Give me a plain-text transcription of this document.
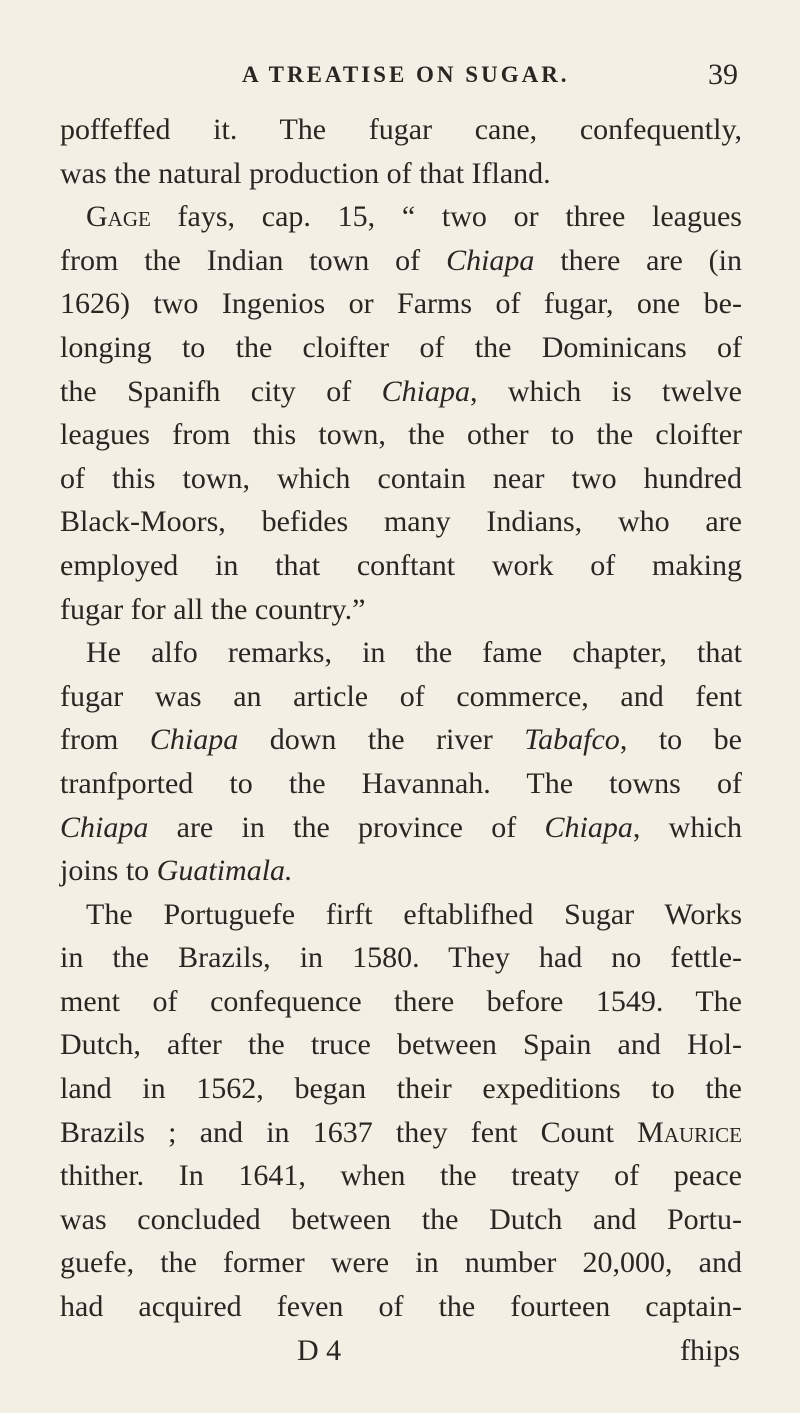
A TREATISE ON SUGAR.	39
poffeffed it. The fugar cane, confequently,
was the natural production of that Ifland.
Gage fays, cap. 15, “ two or three leagues
from the Indian town of Chiapa there are (in
1626) two Ingenios or Farms of fugar, one be-
longing to the cloifter of the Dominicans of
the Spanifh city of Chiapa, which is twelve
leagues from this town, the other to the cloifter
of this town, which contain near two hundred
Black-Moors, befides many Indians, who are
employed in that conftant work of making
fugar for all the country.”
He alfo remarks, in the fame chapter, that
fugar was an article of commerce, and fent
from Chiapa down the river Tabafco, to be
tranfported to the Havannah. The towns of
Chiapa are in the province of Chiapa, which
joins to Guatimala.
The Portuguefe firft eftablifhed Sugar Works
in the Brazils, in 1580. They had no fettle-
ment of confequence there before 1549. The
Dutch, after the truce between Spain and Hol-
land in 1562, began their expeditions to the
Brazils ; and in 1637 they fent Count Maurice
thither. In 1641, when the treaty of peace
was concluded between the Dutch and Portu-
guefe, the former were in number 20,000, and
had acquired feven of the fourteen captain-
D 4	fhips
